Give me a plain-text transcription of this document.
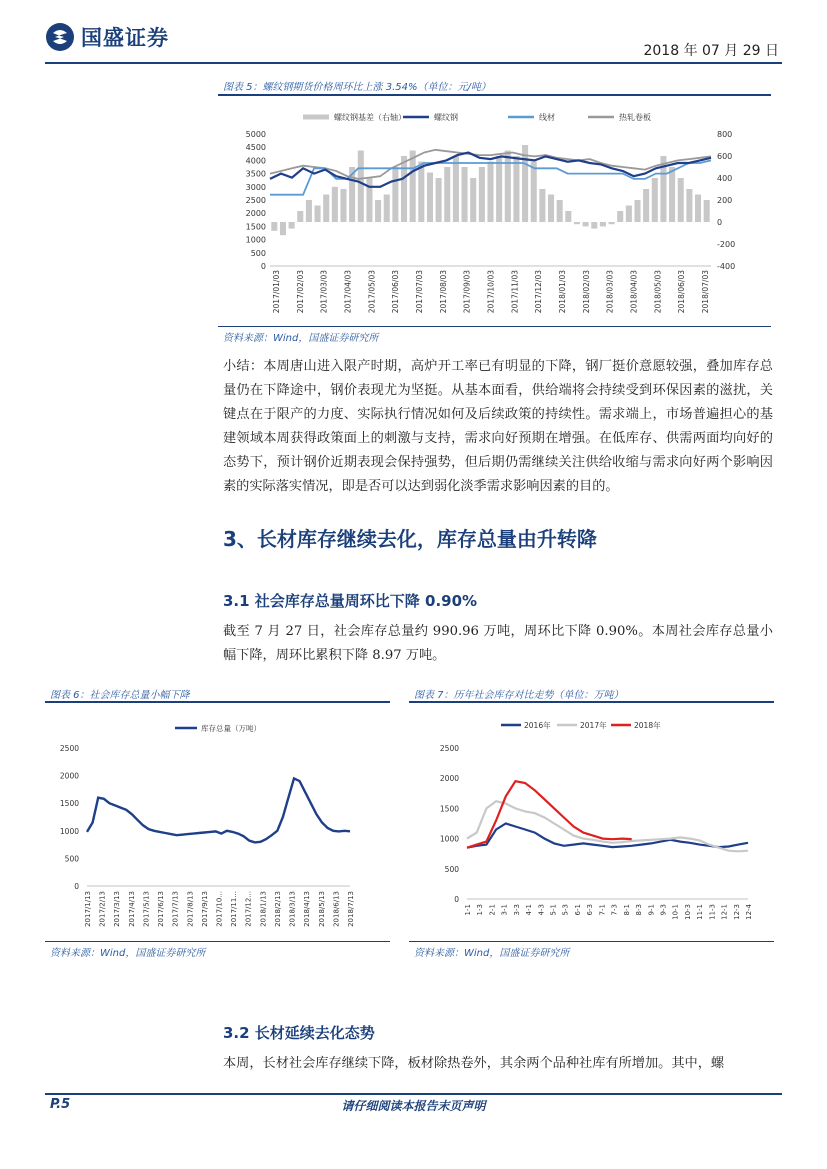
国盛证券
2018 年 07 月 29 日
图表 5：螺纹钢期货价格周环比上涨 3.54%（单位：元/吨）
螺纹钢基差（右轴）	螺纹钢	线材	热轧卷板
0
500
1000
1500
2000
2500
3000
3500
4000
4500
5000
-400
-200
0
200
400
600
800
2017/01/03 2017/02/03 2017/03/03 2017/04/03 2017/05/03 2017/06/03 2017/07/03 2017/08/03 2017/09/03 2017/10/03 2017/11/03 2017/12/03 2018/01/03 2018/02/03 2018/03/03 2018/04/03 2018/05/03 2018/06/03 2018/07/03
资料来源：Wind，国盛证券研究所
小结：本周唐山进入限产时期，高炉开工率已有明显的下降，钢厂挺价意愿较强，叠加库存总量仍在下降途中，钢价表现尤为坚挺。从基本面看，供给端将会持续受到环保因素的滋扰，关键点在于限产的力度、实际执行情况如何及后续政策的持续性。需求端上，市场普遍担心的基建领域本周获得政策面上的刺激与支持，需求向好预期在增强。在低库存、供需两面均向好的态势下，预计钢价近期表现会保持强势，但后期仍需继续关注供给收缩与需求向好两个影响因素的实际落实情况，即是否可以达到弱化淡季需求影响因素的目的。
3、长材库存继续去化，库存总量由升转降
3.1 社会库存总量周环比下降 0.90%
截至 7 月 27 日，社会库存总量约 990.96 万吨，周环比下降 0.90%。本周社会库存总量小幅下降，周环比累积下降 8.97 万吨。
图表 6：社会库存总量小幅下降
库存总量（万吨）
0
500
1000
1500
2000
2500
2017/1/13 2017/2/13 2017/3/13 2017/4/13 2017/5/13 2017/6/13 2017/7/13 2017/8/13 2017/9/13 2017/10... 2017/11... 2017/12... 2018/1/13 2018/2/13 2018/3/13 2018/4/13 2018/5/13 2018/6/13 2018/7/13
资料来源：Wind，国盛证券研究所
图表 7：历年社会库存对比走势（单位：万吨）
2016年	2017年	2018年
0
500
1000
1500
2000
2500
1-1 1-3 2-1 3-1 3-3 4-1 4-3 5-1 5-3 6-1 6-3 7-1 7-3 8-1 8-3 9-1 9-3 10-1 10-3 11-1 11-3 12-1 12-3 12-4
资料来源：Wind，国盛证券研究所
3.2 长材延续去化态势
本周，长材社会库存继续下降，板材除热卷外，其余两个品种社库有所增加。其中，螺
P.5	请仔细阅读本报告末页声明
